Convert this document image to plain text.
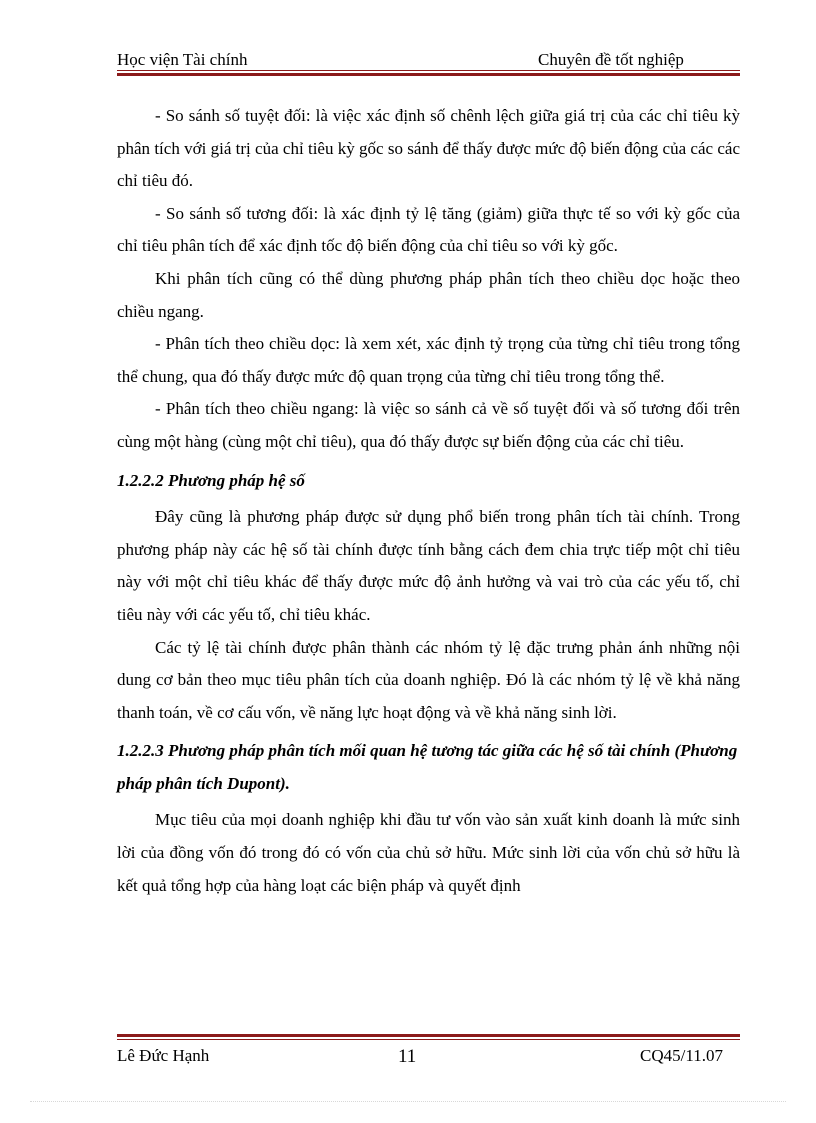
Học viện Tài chính	Chuyên đề tốt nghiệp

- So sánh số tuyệt đối: là việc xác định số chênh lệch giữa giá trị của các chỉ tiêu kỳ phân tích với giá trị của chỉ tiêu kỳ gốc so sánh để thấy được mức độ biến động của các các chỉ tiêu đó.

- So sánh số tương đối: là xác định tỷ lệ tăng (giảm) giữa thực tế so với kỳ gốc của chỉ tiêu phân tích để xác định tốc độ biến động của chỉ tiêu so với kỳ gốc.

Khi phân tích cũng có thể dùng phương pháp phân tích theo chiều dọc hoặc theo chiều ngang.

- Phân tích theo chiều dọc: là xem xét, xác định tỷ trọng của từng chỉ tiêu trong tổng thể chung, qua đó thấy được mức độ quan trọng của từng chỉ tiêu trong tổng thể.

- Phân tích theo chiều ngang: là việc so sánh cả về số tuyệt đối và số tương đối trên cùng một hàng (cùng một chỉ tiêu), qua đó thấy được sự biến động của các chỉ tiêu.

1.2.2.2 Phương pháp hệ số

Đây cũng là phương pháp được sử dụng phổ biến trong phân tích tài chính. Trong phương pháp này các hệ số tài chính được tính bằng cách đem chia trực tiếp một chỉ tiêu này với một chỉ tiêu khác để thấy được mức độ ảnh hưởng và vai trò của các yếu tố, chỉ tiêu này với các yếu tố, chỉ tiêu khác.

Các tỷ lệ tài chính được phân thành các nhóm tỷ lệ đặc trưng phản ánh những nội dung cơ bản theo mục tiêu phân tích của doanh nghiệp. Đó là các nhóm tỷ lệ về khả năng thanh toán, về cơ cấu vốn, về năng lực hoạt động và về khả năng sinh lời.

1.2.2.3 Phương pháp phân tích mối quan hệ tương tác giữa các hệ số tài chính (Phương pháp phân tích Dupont).

Mục tiêu của mọi doanh nghiệp khi đầu tư vốn vào sản xuất kinh doanh là mức sinh lời của đồng vốn đó trong đó có vốn của chủ sở hữu. Mức sinh lời của vốn chủ sở hữu là kết quả tổng hợp của hàng loạt các biện pháp và quyết định

Lê Đức Hạnh	11	CQ45/11.07
